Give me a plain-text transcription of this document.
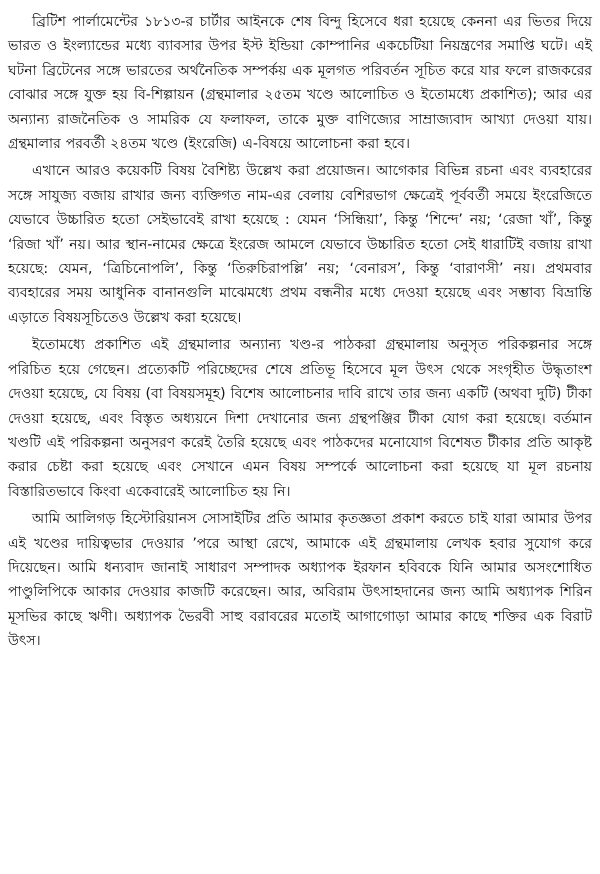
ব্রিটিশ পার্লামেন্টের ১৮১৩-র চার্টার আইনকে শেষ বিন্দু হিসেবে ধরা হয়েছে কেননা এর ভিতর দিয়ে ভারত ও ইংল্যান্ডের মধ্যে ব্যাবসার উপর ইস্ট ইন্ডিয়া কোম্পানির একচেটিয়া নিয়ন্ত্রণের সমাপ্তি ঘটে। এই ঘটনা ব্রিটেনের সঙ্গে ভারতের অর্থনৈতিক সম্পর্কয় এক মূলগত পরিবর্তন সূচিত করে যার ফলে রাজকরের বোঝার সঙ্গে যুক্ত হয় বি-শিল্পায়ন (গ্রন্থমালার ২৫তম খণ্ডে আলোচিত ও ইতোমধ্যে প্রকাশিত); আর এর অন্যান্য রাজনৈতিক ও সামরিক যে ফলাফল, তাকে মুক্ত বাণিজ্যের সাম্রাজ্যবাদ আখ্যা দেওয়া যায়। গ্রন্থমালার পরবর্তী ২৪তম খণ্ডে (ইংরেজি) এ-বিষয়ে আলোচনা করা হবে।

এখানে আরও কয়েকটি বিষয় বৈশিষ্ট্য উল্লেখ করা প্রয়োজন। আগেকার বিভিন্ন রচনা এবং ব্যবহারের সঙ্গে সাযুজ্য বজায় রাখার জন্য ব্যক্তিগত নাম-এর বেলায় বেশিরভাগ ক্ষেত্রেই পূর্ববর্তী সময়ে ইংরেজিতে যেভাবে উচ্চারিত হতো সেইভাবেই রাখা হয়েছে : যেমন ‘সিন্ধিয়া’, কিন্তু ‘শিন্দে’ নয়; ‘রেজা খাঁ’, কিন্তু ‘রিজা খাঁ’ নয়। আর স্থান-নামের ক্ষেত্রে ইংরেজ আমলে যেভাবে উচ্চারিত হতো সেই ধারাটিই বজায় রাখা হয়েছে: যেমন, ‘ত্রিচিনোপলি’, কিন্তু ‘তিরুচিরাপল্লি’ নয়; ‘বেনারস’, কিন্তু ‘বারাণসী’ নয়। প্রথমবার ব্যবহারের সময় আধুনিক বানানগুলি মাঝেমধ্যে প্রথম বন্ধনীর মধ্যে দেওয়া হয়েছে এবং সম্ভাব্য বিভ্রান্তি এড়াতে বিষয়সূচিতেও উল্লেখ করা হয়েছে।

ইতোমধ্যে প্রকাশিত এই গ্রন্থমালার অন্যান্য খণ্ড-র পাঠকরা গ্রন্থমালায় অনুসৃত পরিকল্পনার সঙ্গে পরিচিত হয়ে গেছেন। প্রত্যেকটি পরিচ্ছেদের শেষে প্রতিভূ হিসেবে মূল উৎস থেকে সংগৃহীত উদ্ধৃতাংশ দেওয়া হয়েছে, যে বিষয় (বা বিষয়সমূহ) বিশেষ আলোচনার দাবি রাখে তার জন্য একটি (অথবা দুটি) টীকা দেওয়া হয়েছে, এবং বিস্তৃত অধ্যয়নে দিশা দেখানোর জন্য গ্রন্থপঞ্জির টীকা যোগ করা হয়েছে। বর্তমান খণ্ডটি এই পরিকল্পনা অনুসরণ করেই তৈরি হয়েছে এবং পাঠকদের মনোযোগ বিশেষত টীকার প্রতি আকৃষ্ট করার চেষ্টা করা হয়েছে এবং সেখানে এমন বিষয় সম্পর্কে আলোচনা করা হয়েছে যা মূল রচনায় বিস্তারিতভাবে কিংবা একেবারেই আলোচিত হয় নি।

আমি আলিগড় হিস্টোরিয়ানস সোসাইটির প্রতি আমার কৃতজ্ঞতা প্রকাশ করতে চাই যারা আমার উপর এই খণ্ডের দায়িত্বভার দেওয়ার ’পরে আস্থা রেখে, আমাকে এই গ্রন্থমালায় লেখক হবার সুযোগ করে দিয়েছেন। আমি ধন্যবাদ জানাই সাধারণ সম্পাদক অধ্যাপক ইরফান হবিবকে যিনি আমার অসংশোধিত পাণ্ডুলিপিকে আকার দেওয়ার কাজটি করেছেন। আর, অবিরাম উৎসাহদানের জন্য আমি অধ্যাপক শিরিন মূসভির কাছে ঋণী। অধ্যাপক ভৈরবী সাহু বরাবরের মতোই আগাগোড়া আমার কাছে শক্তির এক বিরাট উৎস।
